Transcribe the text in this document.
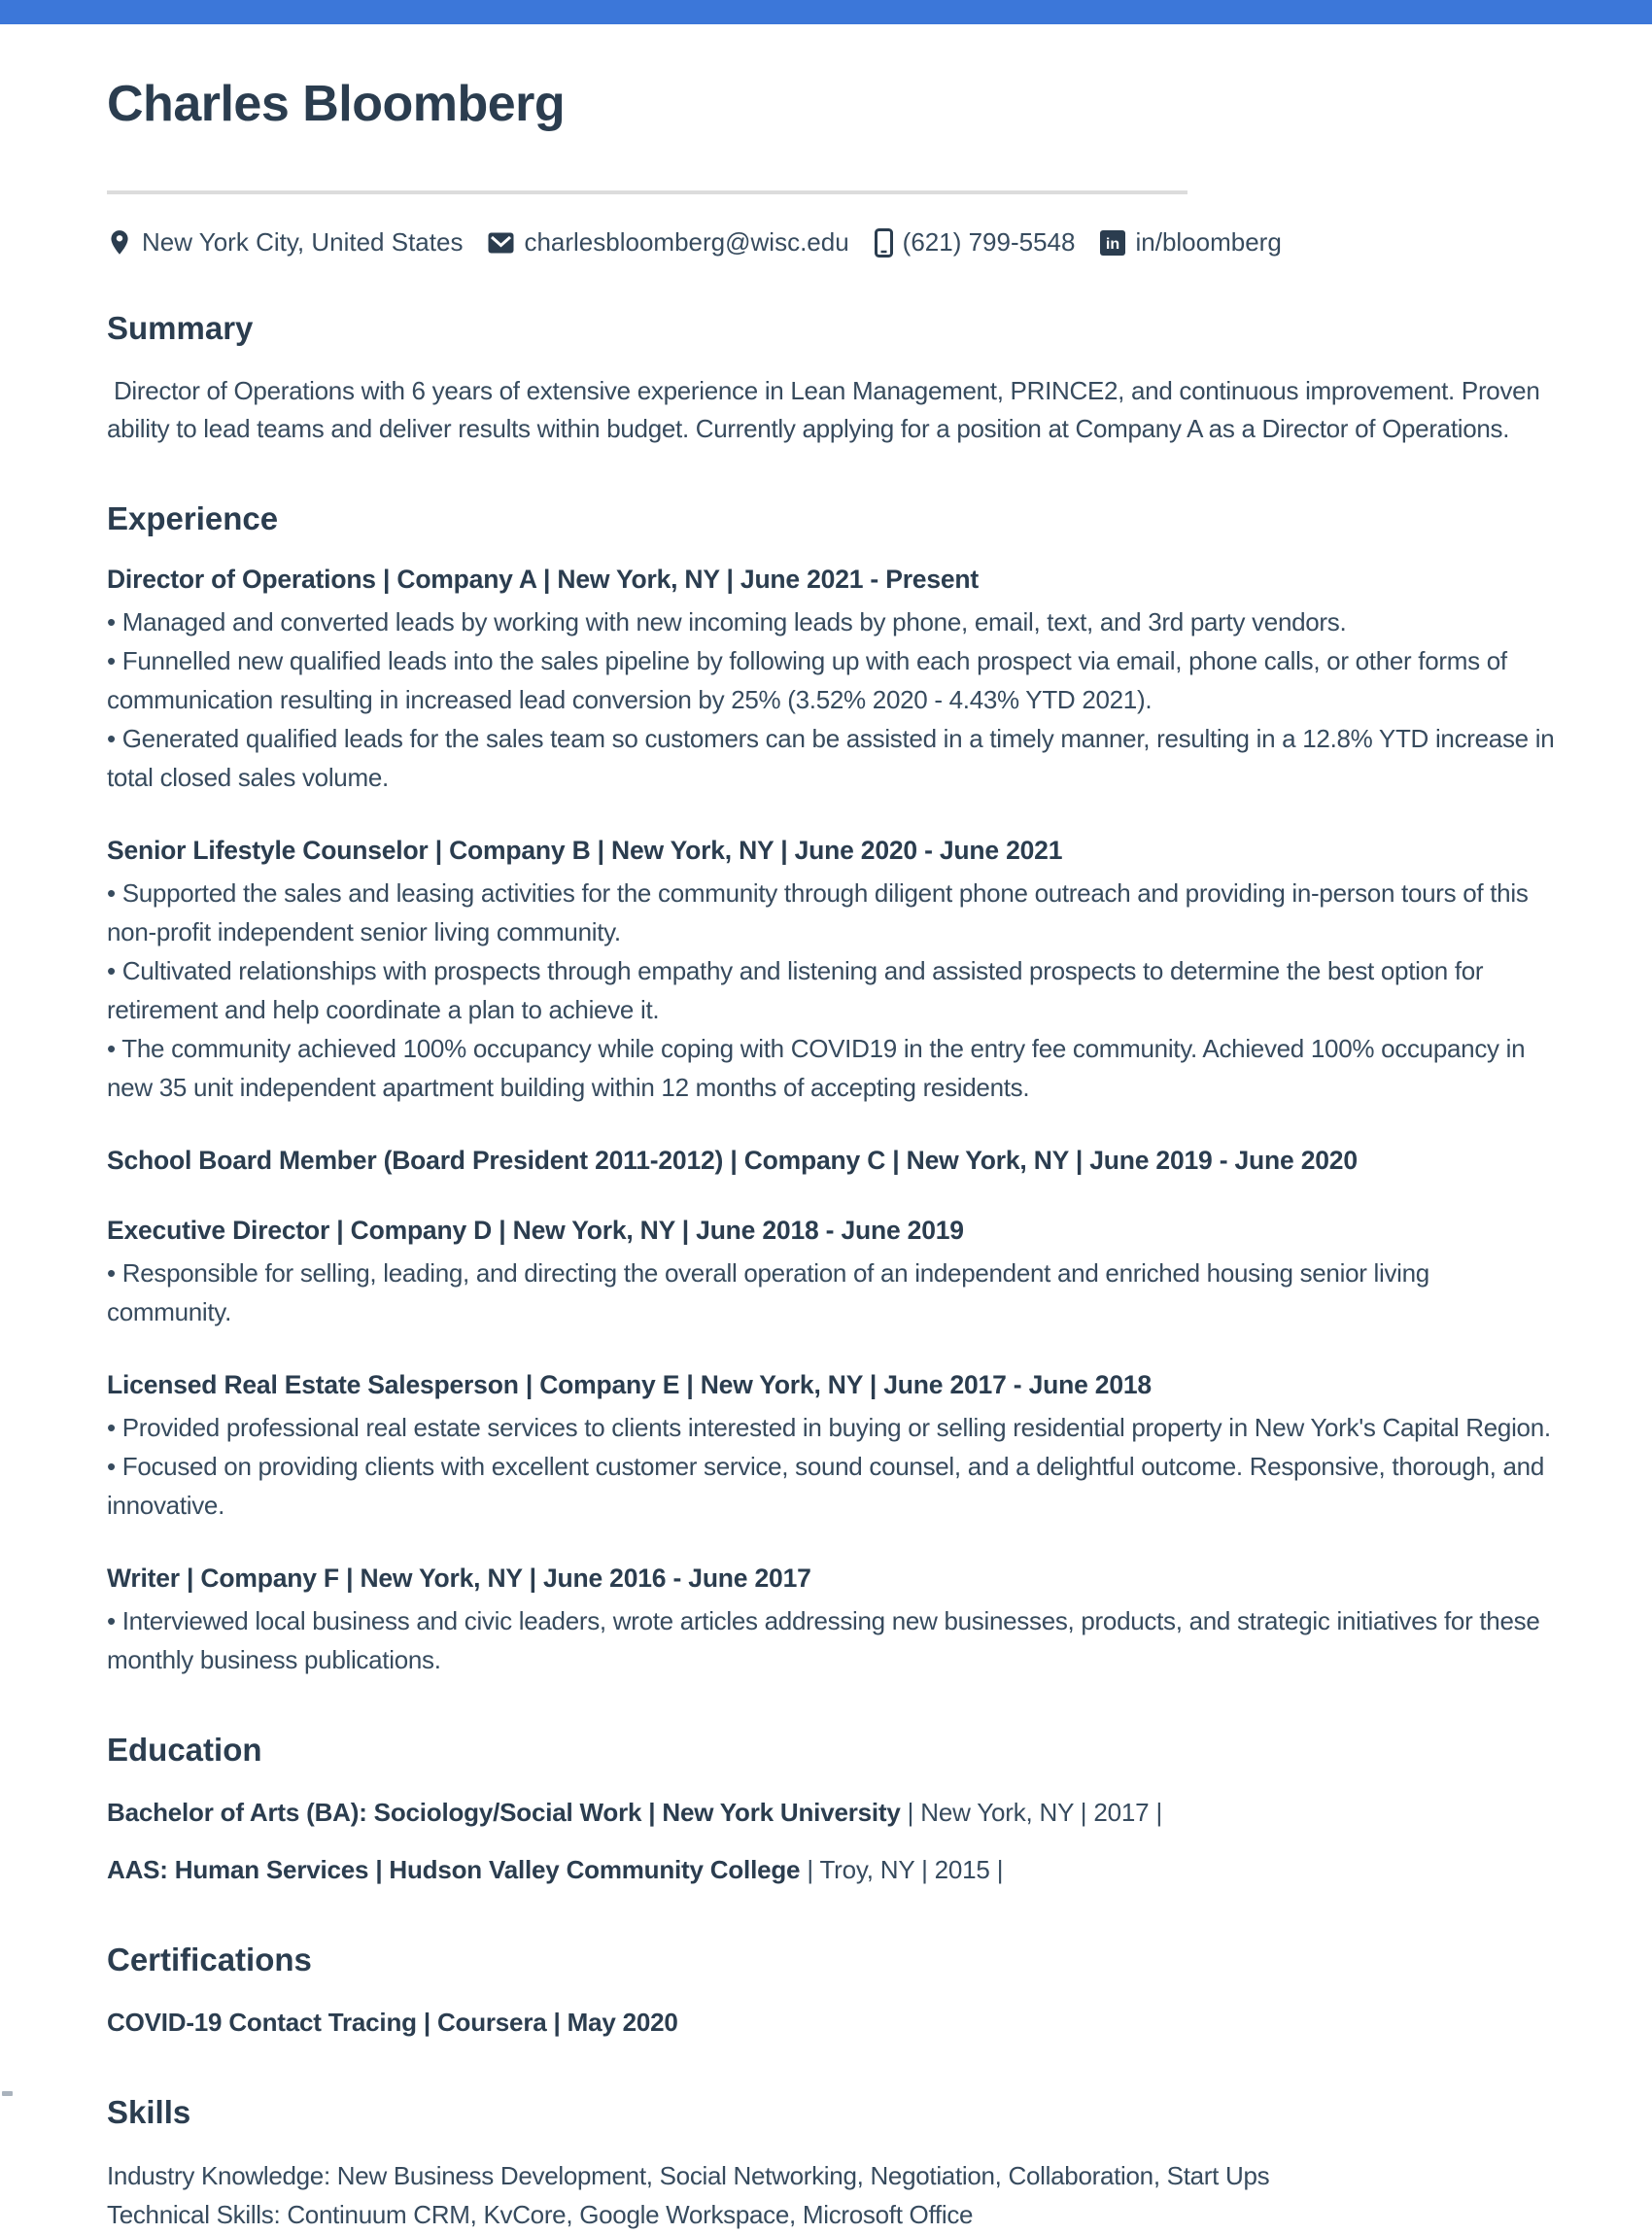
Charles Bloomberg
New York City, United States charlesbloomberg@wisc.edu (621) 799-5548 in in/bloomberg
Summary

Director of Operations with 6 years of extensive experience in Lean Management, PRINCE2, and continuous improvement. Proven ability to lead teams and deliver results within budget. Currently applying for a position at Company A as a Director of Operations.

Experience

Director of Operations | Company A | New York, NY | June 2021 - Present

• Managed and converted leads by working with new incoming leads by phone, email, text, and 3rd party vendors.

• Funnelled new qualified leads into the sales pipeline by following up with each prospect via email, phone calls, or other forms of communication resulting in increased lead conversion by 25% (3.52% 2020 - 4.43% YTD 2021).

• Generated qualified leads for the sales team so customers can be assisted in a timely manner, resulting in a 12.8% YTD increase in total closed sales volume.

Senior Lifestyle Counselor | Company B | New York, NY | June 2020 - June 2021

• Supported the sales and leasing activities for the community through diligent phone outreach and providing in-person tours of this non-profit independent senior living community.

• Cultivated relationships with prospects through empathy and listening and assisted prospects to determine the best option for retirement and help coordinate a plan to achieve it.

• The community achieved 100% occupancy while coping with COVID19 in the entry fee community. Achieved 100% occupancy in new 35 unit independent apartment building within 12 months of accepting residents.

School Board Member (Board President 2011-2012) | Company C | New York, NY | June 2019 - June 2020

Executive Director | Company D | New York, NY | June 2018 - June 2019

• Responsible for selling, leading, and directing the overall operation of an independent and enriched housing senior living community.

Licensed Real Estate Salesperson | Company E | New York, NY | June 2017 - June 2018

• Provided professional real estate services to clients interested in buying or selling residential property in New York's Capital Region.

• Focused on providing clients with excellent customer service, sound counsel, and a delightful outcome. Responsive, thorough, and innovative.

Writer | Company F | New York, NY | June 2016 - June 2017

• Interviewed local business and civic leaders, wrote articles addressing new businesses, products, and strategic initiatives for these monthly business publications.

Education

Bachelor of Arts (BA): Sociology/Social Work | New York University | New York, NY | 2017 |

AAS: Human Services | Hudson Valley Community College | Troy, NY | 2015 |

Certifications

COVID-19 Contact Tracing | Coursera | May 2020

Skills

Industry Knowledge: New Business Development, Social Networking, Negotiation, Collaboration, Start Ups

Technical Skills: Continuum CRM, KvCore, Google Workspace, Microsoft Office
